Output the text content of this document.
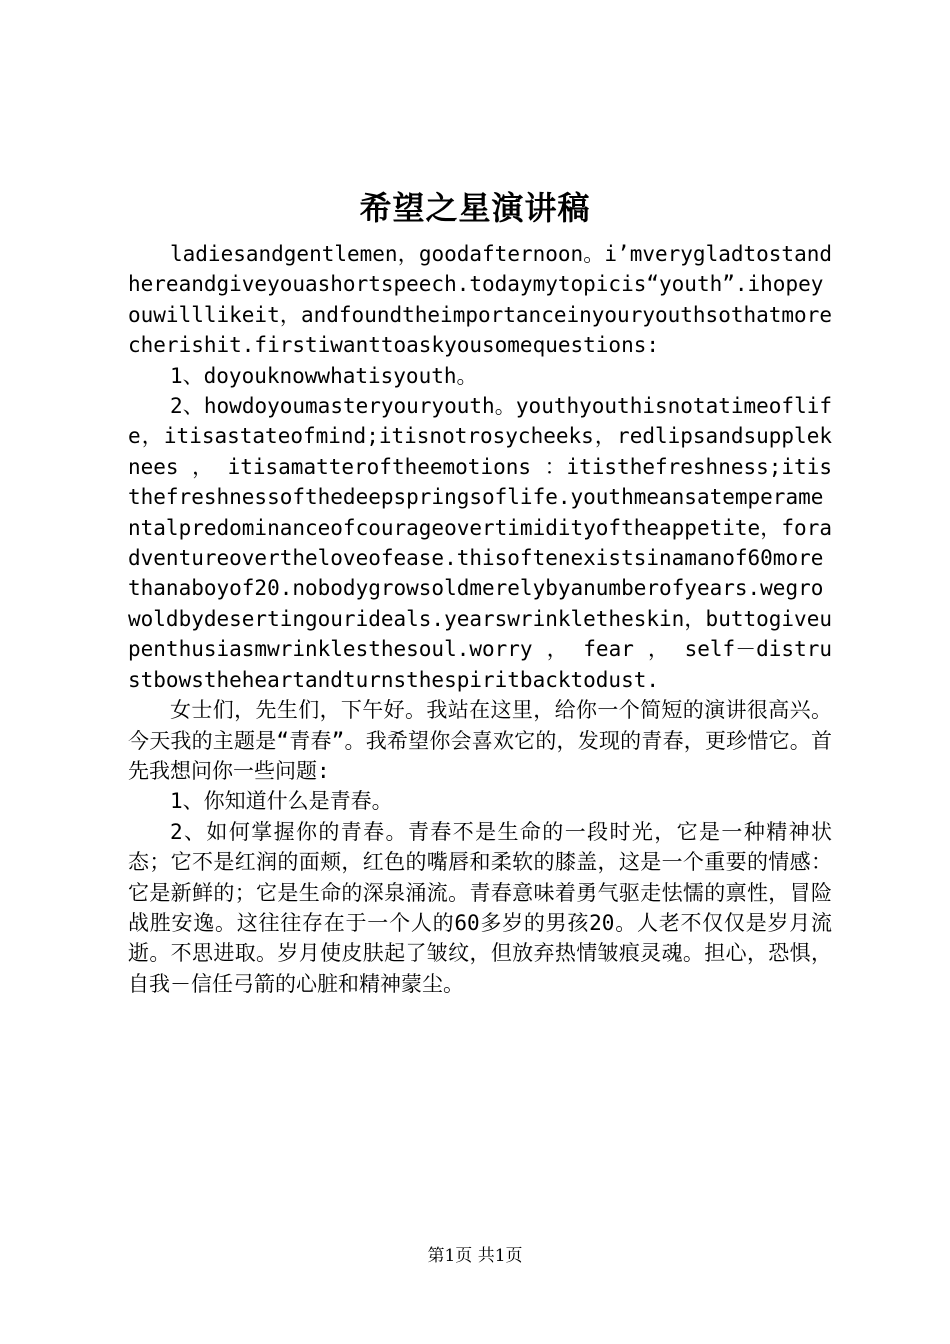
希望之星演讲稿

ladiesandgentlemen，goodafternoon。i’mverygladtostandhereandgiveyouashortspeech.todaymytopicis“youth”.ihopeyouwilllikeit，andfoundtheimportanceinyouryouthsothatmorecherishit.firstiwanttoaskyousomequestions:

1、doyouknowwhatisyouth。

2、howdoyoumasteryouryouth。youthyouthisnotatimeoflife，itisastateofmind;itisnotrosycheeks，redlipsandsuppleknees ， itisamatteroftheemotions ：itisthefreshness;itisthefreshnessofthedeepspringsoflife.youthmeansatemperamentalpredominanceofcourageovertimidityoftheappetite，foradventureovertheloveofease.thisoftenexistsinamanof60morethanaboyof20.nobodygrowsoldmerelybyanumberofyears.wegrowoldbydesertingourideals.yearswrinkletheskin，buttogiveupenthusiasmwrinklesthesoul.worry ， fear ， self－distrustbowstheheartandturnsthespiritbacktodust.

女士们，先生们，下午好。我站在这里，给你一个简短的演讲很高兴。今天我的主题是“青春”。我希望你会喜欢它的，发现的青春，更珍惜它。首先我想问你一些问题:

1、你知道什么是青春。

2、如何掌握你的青春。青春不是生命的一段时光，它是一种精神状态；它不是红润的面颊，红色的嘴唇和柔软的膝盖，这是一个重要的情感：它是新鲜的；它是生命的深泉涌流。青春意味着勇气驱走怯懦的禀性，冒险战胜安逸。这往往存在于一个人的60多岁的男孩20。人老不仅仅是岁月流逝。不思进取。岁月使皮肤起了皱纹，但放弃热情皱痕灵魂。担心，恐惧，自我－信任弓箭的心脏和精神蒙尘。

第1页 共1页
